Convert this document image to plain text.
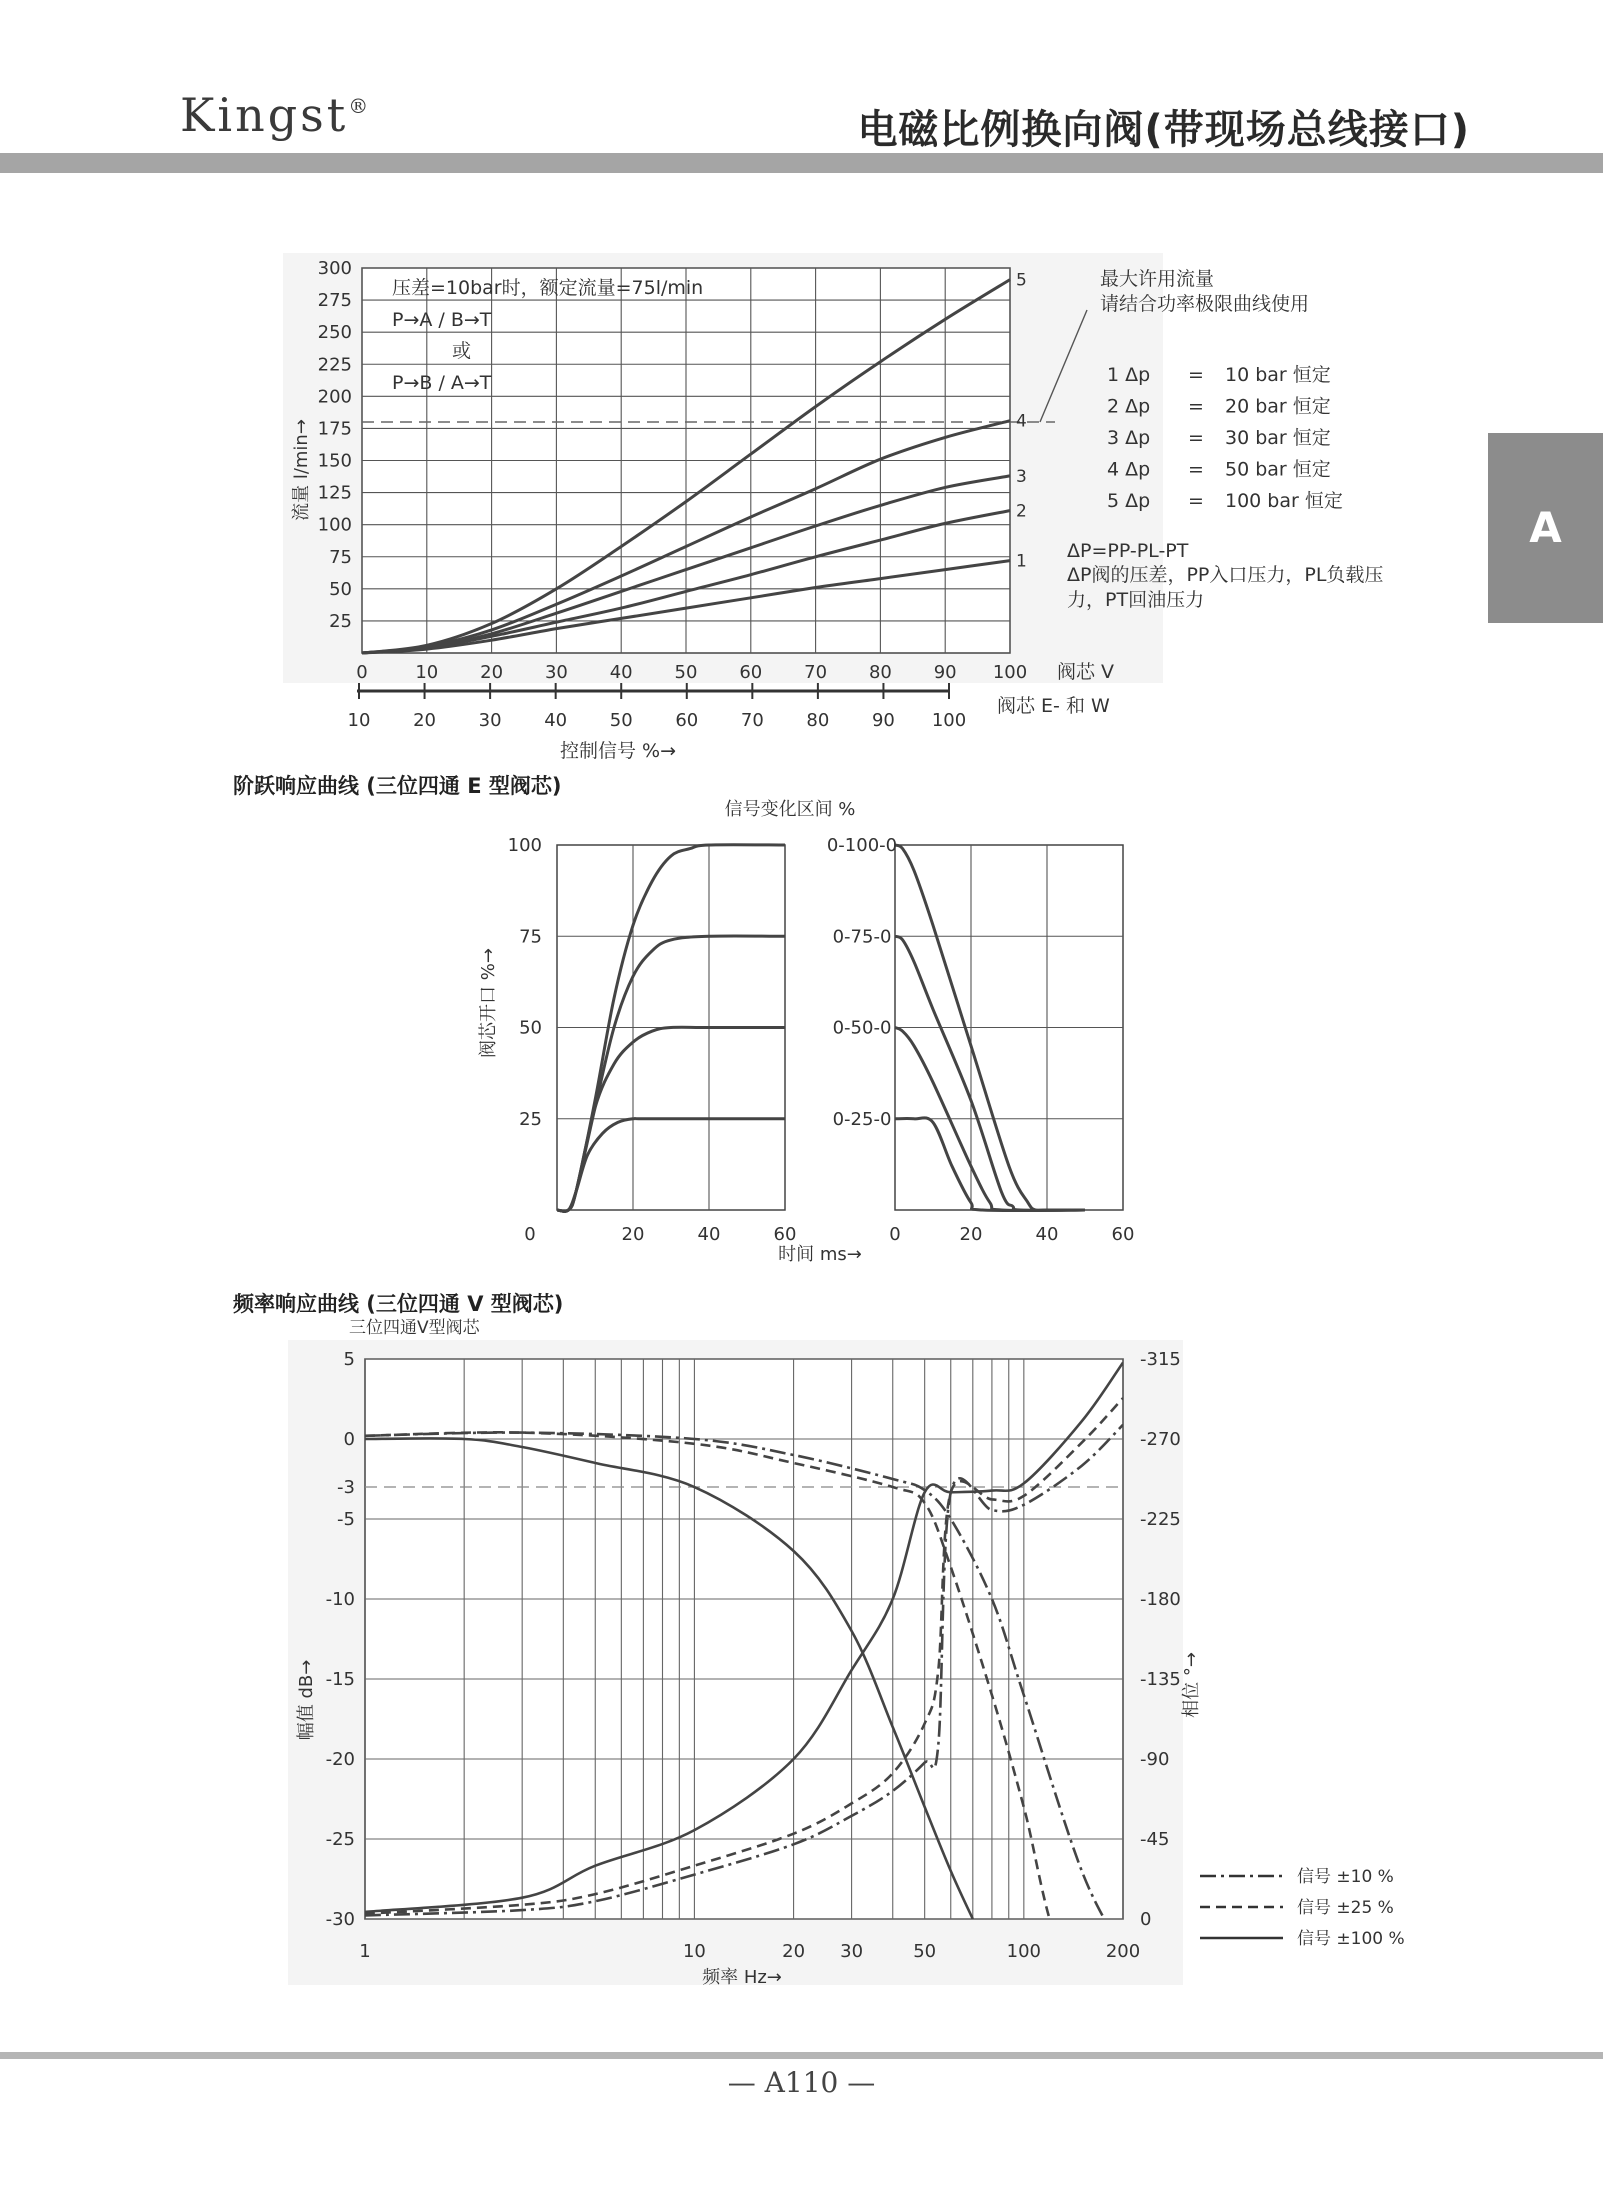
Kingst®
电磁比例换向阀(带现场总线接口)
A
阶跃响应曲线 (三位四通 E 型阀芯)
频率响应曲线 (三位四通 V 型阀芯)
25
50
75
100
125
150
175
200
225
250
275
300
0	10 20 30 40 50 60 70 80 90 100
10 20 30 40 50 60 70 80 90 100
1
2
3
4
5
压差=10bar时，额定流量=75l/min
P→A / B→T
或
P→B / A→T
流量 l/min→
阀芯 V
阀芯 E- 和 W
控制信号 %→
最大许用流量
请结合功率极限曲线使用
1 Δp = 10 bar 恒定
2 Δp = 20 bar 恒定
3 Δp = 30 bar 恒定
4 Δp = 50 bar 恒定
5 Δp = 100 bar 恒定
ΔP=PP-PL-PT
ΔP阀的压差，PP入口压力，PL负载压
力，PT回油压力
信号变化区间 %
0	20	40	60	0	20	40	60
25
50
75
100	0-100-0
0-75-0
0-50-0
0-25-0
阀芯开口 %→
时间 ms→
三位四通V型阀芯
5
0
-3
-5
-10
-15
-20
-25
-30
-315
-270
-225
-180
-135
-90
-45
0
1	10	20 30	50	100	200
幅值 dB→	相位 °→
频率 Hz→
信号 ±10 %
信号 ±25 %
信号 ±100 %
— A110 —
